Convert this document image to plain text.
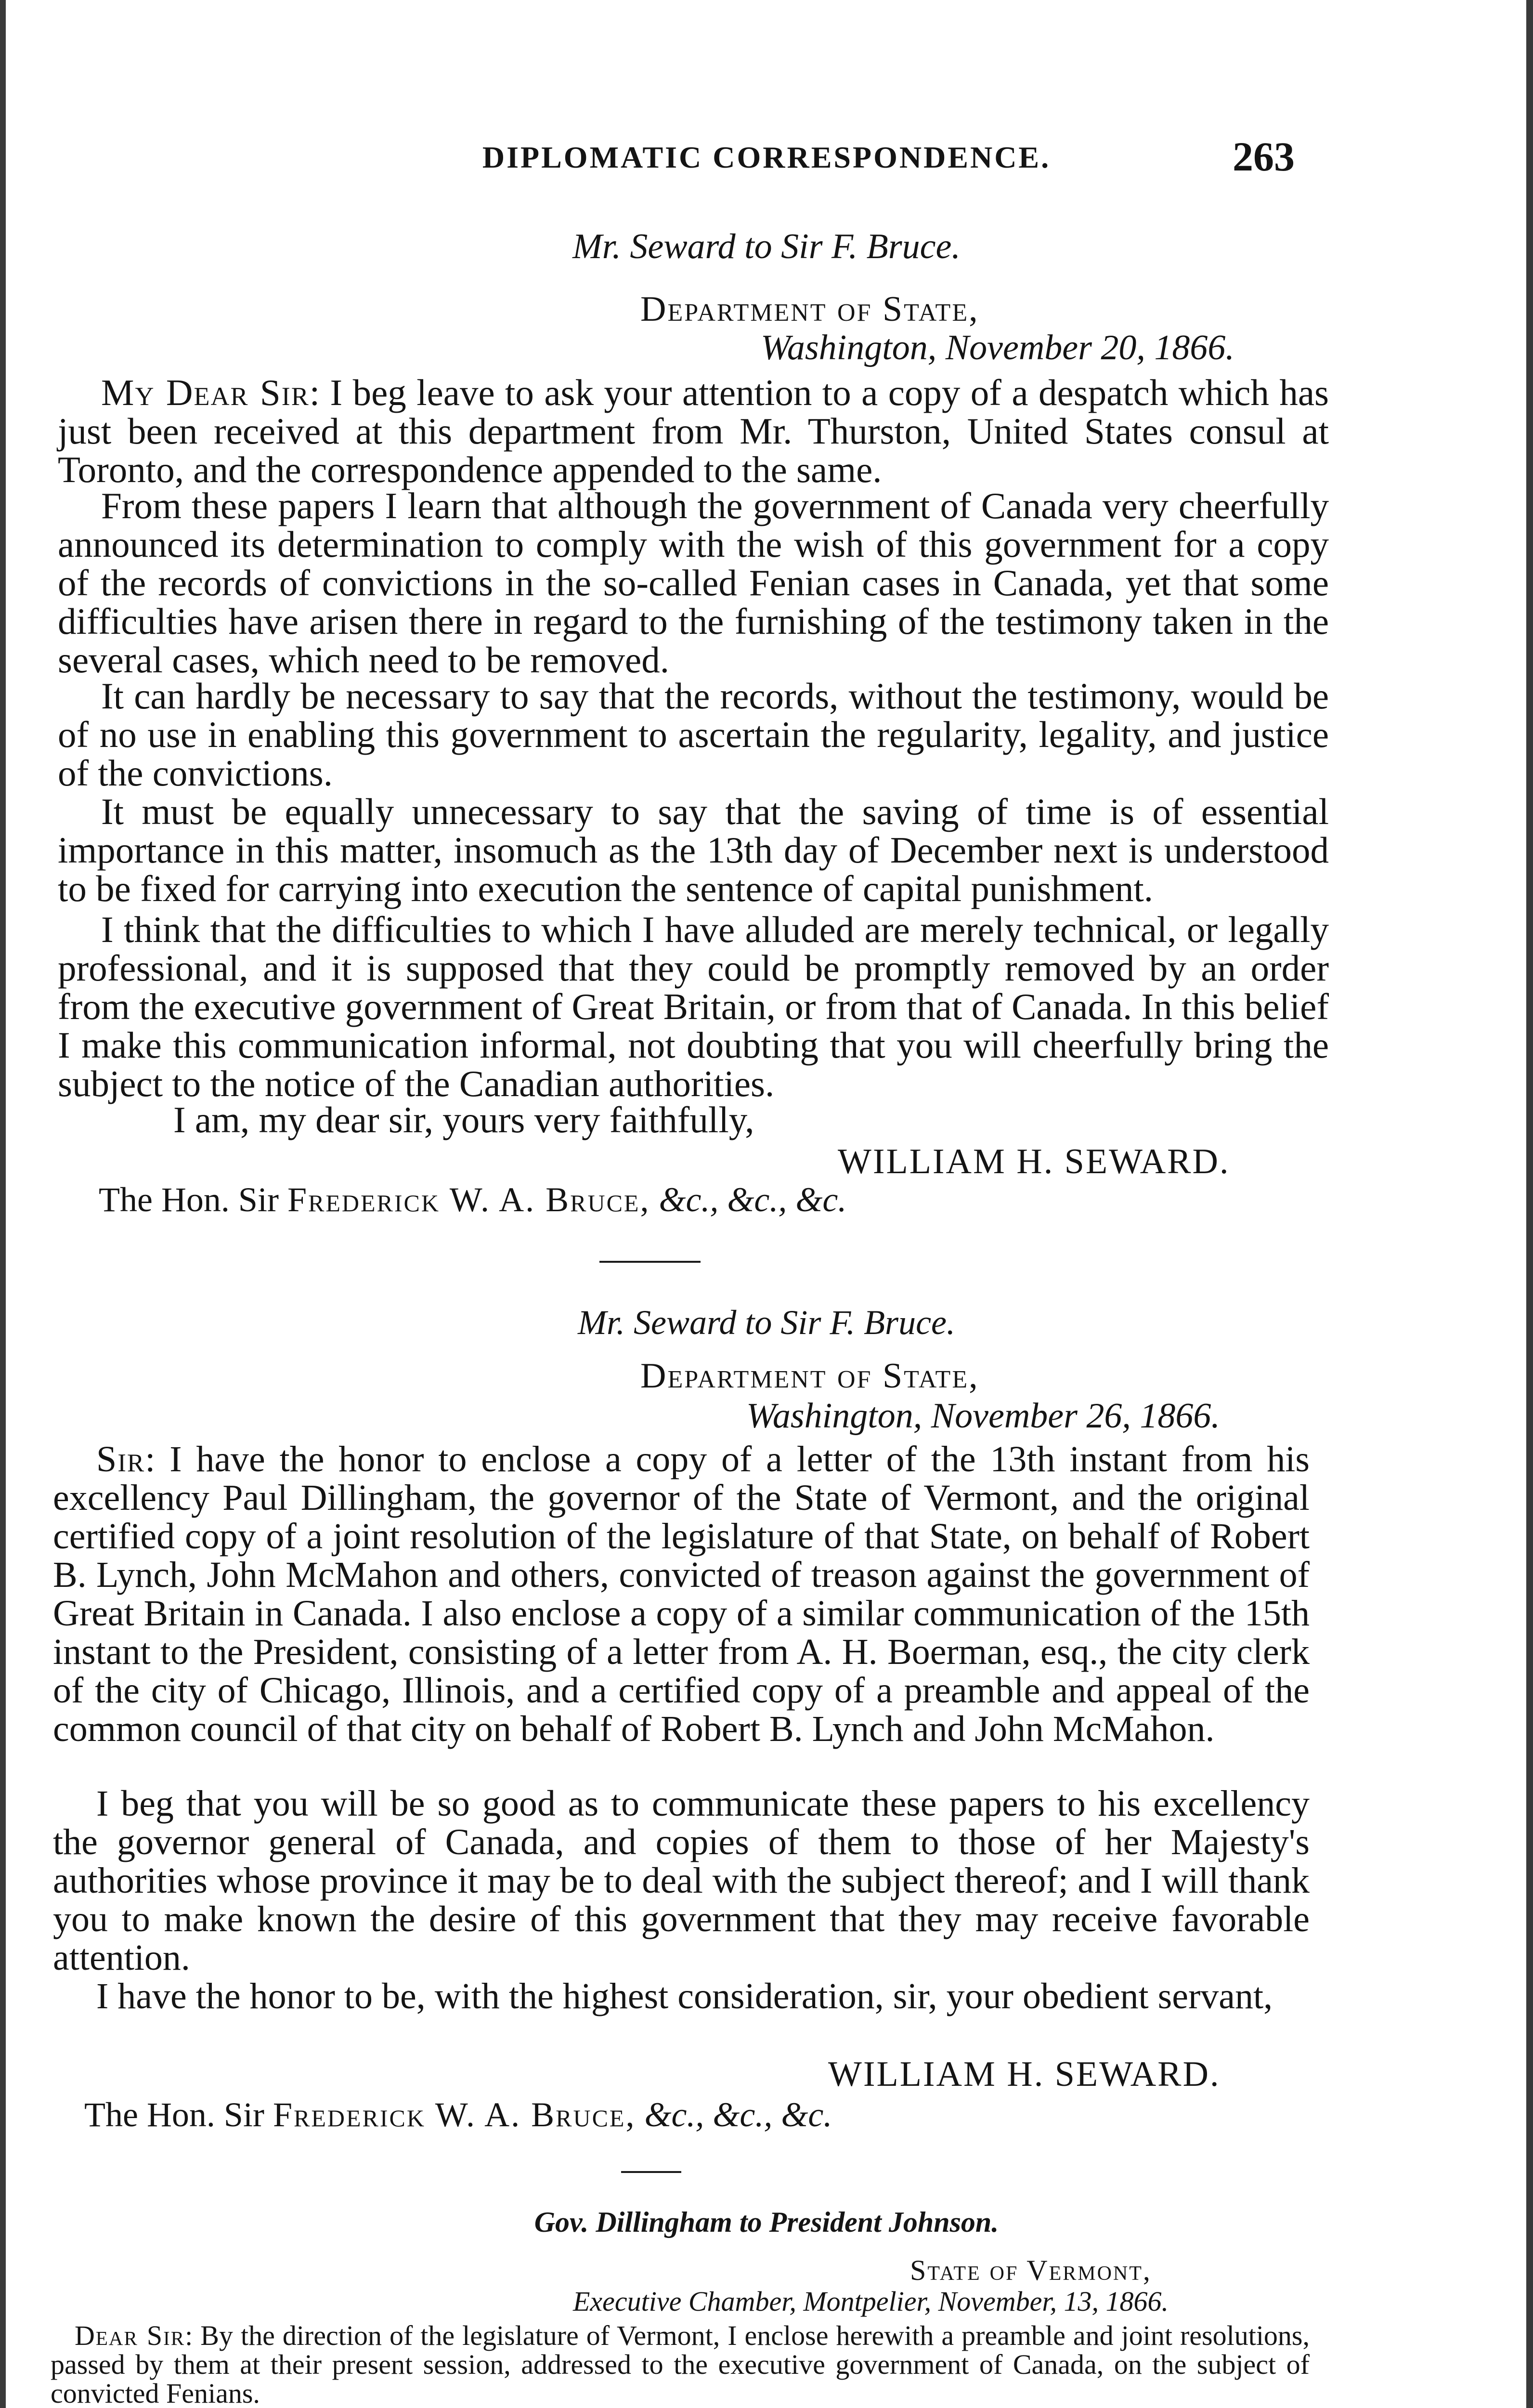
DIPLOMATIC CORRESPONDENCE.	263
Mr. Seward to Sir F. Bruce.
Department of State,
Washington, November 20, 1866.

My Dear Sir: I beg leave to ask your attention to a copy of a despatch which has just been received at this department from Mr. Thurston, United States consul at Toronto, and the correspondence appended to the same.

From these papers I learn that although the government of Canada very cheerfully announced its determination to comply with the wish of this government for a copy of the records of convictions in the so-called Fenian cases in Canada, yet that some difficulties have arisen there in regard to the furnishing of the testimony taken in the several cases, which need to be removed.

It can hardly be necessary to say that the records, without the testimony, would be of no use in enabling this government to ascertain the regularity, legality, and justice of the convictions.

It must be equally unnecessary to say that the saving of time is of essential importance in this matter, insomuch as the 13th day of December next is understood to be fixed for carrying into execution the sentence of capital punishment.

I think that the difficulties to which I have alluded are merely technical, or legally professional, and it is supposed that they could be promptly removed by an order from the executive government of Great Britain, or from that of Canada. In this belief I make this communication informal, not doubting that you will cheerfully bring the subject to the notice of the Canadian authorities.

I am, my dear sir, yours very faithfully,

WILLIAM H. SEWARD.
The Hon. Sir Frederick W. A. Bruce, &c., &c., &c.
Mr. Seward to Sir F. Bruce.
Department of State,
Washington, November 26, 1866.

Sir: I have the honor to enclose a copy of a letter of the 13th instant from his excellency Paul Dillingham, the governor of the State of Vermont, and the original certified copy of a joint resolution of the legislature of that State, on behalf of Robert B. Lynch, John McMahon and others, convicted of treason against the government of Great Britain in Canada. I also enclose a copy of a similar communication of the 15th instant to the President, consisting of a letter from A. H. Boerman, esq., the city clerk of the city of Chicago, Illinois, and a certified copy of a preamble and appeal of the common council of that city on behalf of Robert B. Lynch and John McMahon.

I beg that you will be so good as to communicate these papers to his excellency the governor general of Canada, and copies of them to those of her Majesty's authorities whose province it may be to deal with the subject thereof; and I will thank you to make known the desire of this government that they may receive favorable attention.

I have the honor to be, with the highest consideration, sir, your obedient servant,

WILLIAM H. SEWARD.
The Hon. Sir Frederick W. A. Bruce, &c., &c., &c.
Gov. Dillingham to President Johnson.
State of Vermont,
Executive Chamber, Montpelier, November, 13, 1866.

Dear Sir: By the direction of the legislature of Vermont, I enclose herewith a preamble and joint resolutions, passed by them at their present session, addressed to the executive government of Canada, on the subject of convicted Fenians.
